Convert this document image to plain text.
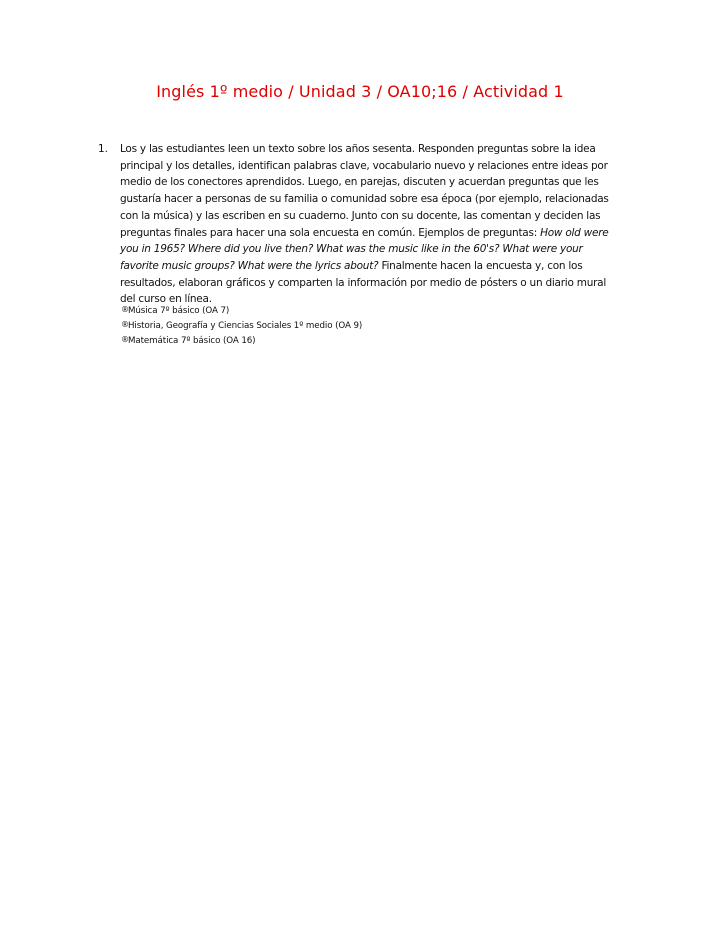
Inglés 1º medio / Unidad 3 / OA10;16 / Actividad 1
1. Los y las estudiantes leen un texto sobre los años sesenta. Responden preguntas sobre la idea principal y los detalles, identifican palabras clave, vocabulario nuevo y relaciones entre ideas por medio de los conectores aprendidos. Luego, en parejas, discuten y acuerdan preguntas que les gustaría hacer a personas de su familia o comunidad sobre esa época (por ejemplo, relacionadas con la música) y las escriben en su cuaderno. Junto con su docente, las comentan y deciden las preguntas finales para hacer una sola encuesta en común. Ejemplos de preguntas: How old were you in 1965? Where did you live then? What was the music like in the 60's? What were your favorite music groups? What were the lyrics about? Finalmente hacen la encuesta y, con los resultados, elaboran gráficos y comparten la información por medio de pósters o un diario mural del curso en línea.
® Música 7º básico (OA 7)
® Historia, Geografía y Ciencias Sociales 1º medio (OA 9)
® Matemática 7º básico (OA 16)
